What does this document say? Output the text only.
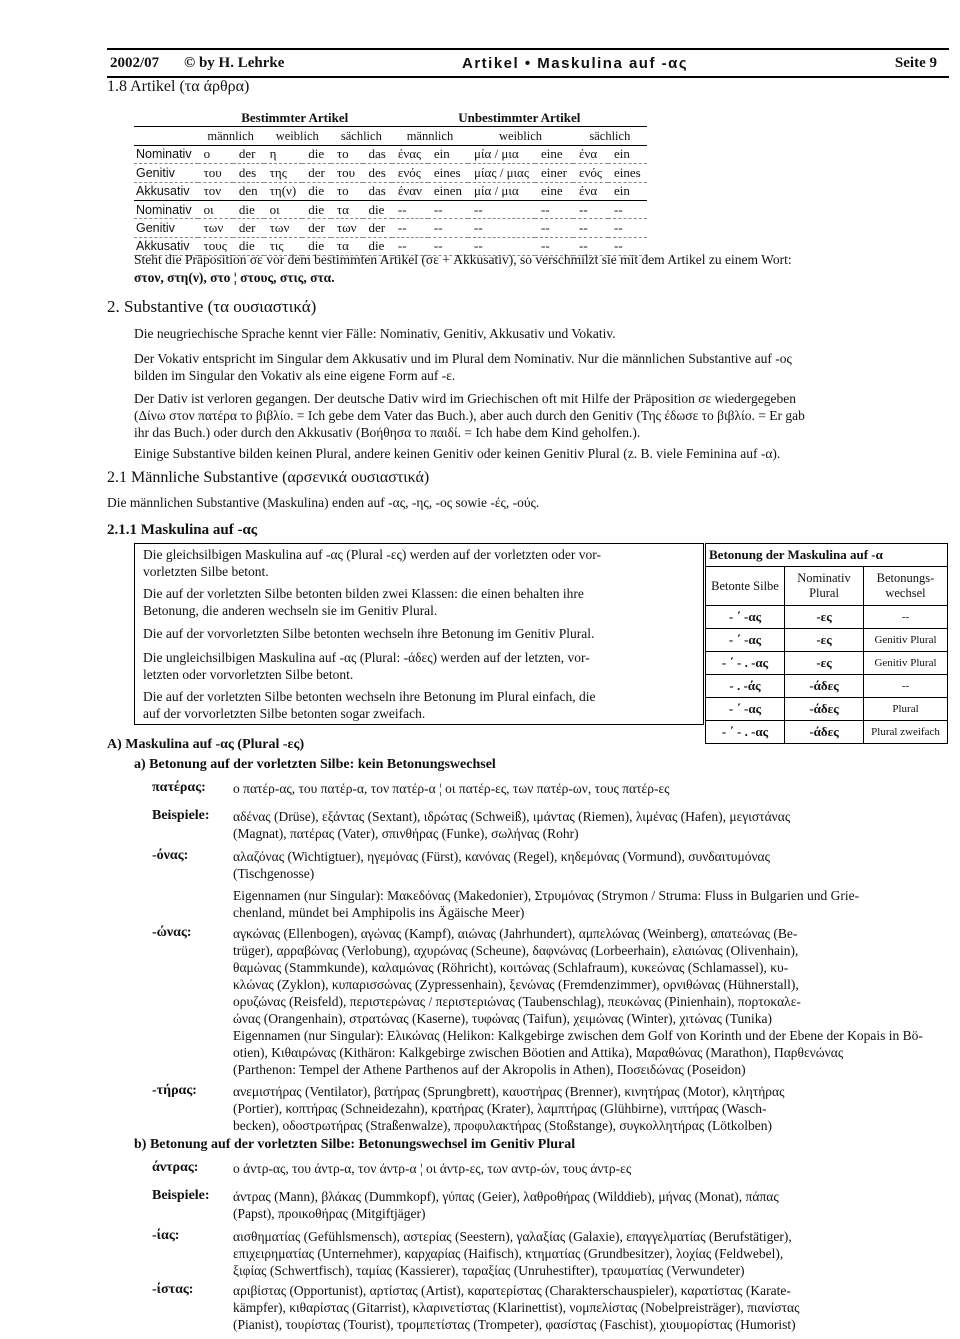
2002/07 © by H. Lehrke	Artikel • Maskulina auf -ας	Seite 9
1.8 Artikel (τα άρθρα)
	Bestimmter Artikel						Unbestimmter Artikel					
	männlich		weiblich		sächlich		männlich		weiblich		sächlich	
Nominativ	ο	der	η	die	το	das	ένας	ein	μία / μια	eine	ένα	ein
Genitiv	του	des	της	der	του	des	ενός	eines	μίας / μιας	einer	ενός	eines
Akkusativ	τον	den	τη(ν)	die	το	das	έναν	einen	μία / μια	eine	ένα	ein
Nominativ	οι	die	οι	die	τα	die	--	--	--	--	--	--
Genitiv	των	der	των	der	των	der	--	--	--	--	--	--
Akkusativ	τους	die	τις	die	τα	die	--	--	--	--	--	--
Steht die Präposition σε vor dem bestimmten Artikel (σε + Akkusativ), so verschmilzt sie mit dem Artikel zu einem Wort:
στον, στη(ν), στο ¦ στους, στις, στα.
2. Substantive (τα ουσιαστικά)
Die neugriechische Sprache kennt vier Fälle: Nominativ, Genitiv, Akkusativ und Vokativ.
Der Vokativ entspricht im Singular dem Akkusativ und im Plural dem Nominativ. Nur die männlichen Substantive auf -ος
bilden im Singular den Vokativ als eine eigene Form auf -ε.
Der Dativ ist verloren gegangen. Der deutsche Dativ wird im Griechischen oft mit Hilfe der Präposition σε wiedergegeben
(Δίνω στον πατέρα το βιβλίο. = Ich gebe dem Vater das Buch.), aber auch durch den Genitiv (Της έδωσε το βιβλίο. = Er gab
ihr das Buch.) oder durch den Akkusativ (Βοήθησα το παιδί. = Ich habe dem Kind geholfen.).
Einige Substantive bilden keinen Plural, andere keinen Genitiv oder keinen Genitiv Plural (z. B. viele Feminina auf -α).
2.1 Männliche Substantive (αρσενικά ουσιαστικά)
Die männlichen Substantive (Maskulina) enden auf -ας, -ης, -ος sowie -ές, -ούς.
2.1.1 Maskulina auf -ας
Die gleichsilbigen Maskulina auf -ας (Plural -ες) werden auf der vorletzten oder vor-
vorletzten Silbe betont.
Die auf der vorletzten Silbe betonten bilden zwei Klassen: die einen behalten ihre
Betonung, die anderen wechseln sie im Genitiv Plural.
Die auf der vorvorletzten Silbe betonten wechseln ihre Betonung im Genitiv Plural.
Die ungleichsilbigen Maskulina auf -ας (Plural: -άδες) werden auf der letzten, vor-
letzten oder vorvorletzten Silbe betont.
Die auf der vorletzten Silbe betonten wechseln ihre Betonung im Plural einfach, die
auf der vorvorletzten Silbe betonten sogar zweifach.
Betonung der Maskulina auf -α		
Betonte Silbe	Nominativ Plural	Betonungs-wechsel
- ΄ -ας	-ες	--
- ΄ -ας	-ες	Genitiv Plural
- ΄ - . -ας	-ες	Genitiv Plural
- . -άς	-άδες	--
- ΄ -ας	-άδες	Plural
- ΄ - . -ας	-άδες	Plural zweifach
A) Maskulina auf -ας (Plural -ες)
a) Betonung auf der vorletzten Silbe: kein Betonungswechsel
πατέρας: ο πατέρ-ας, του πατέρ-α, τον πατέρ-α ¦ οι πατέρ-ες, των πατέρ-ων, τους πατέρ-ες
Beispiele: αδένας (Drüse), εξάντας (Sextant), ιδρώτας (Schweiß), ιμάντας (Riemen), λιμένας (Hafen), μεγιστάνας
(Magnat), πατέρας (Vater), σπινθήρας (Funke), σωλήνας (Rohr)
-όνας:	αλαζόνας (Wichtigtuer), ηγεμόνας (Fürst), κανόνας (Regel), κηδεμόνας (Vormund), συνδαιτυμόνας
(Tischgenosse)
Eigennamen (nur Singular): Μακεδόνας (Makedonier), Στρυμόνας (Strymon / Struma: Fluss in Bulgarien und Grie-
chenland, mündet bei Amphipolis ins Ägäische Meer)
-ώνας:	αγκώνας (Ellenbogen), αγώνας (Kampf), αιώνας (Jahrhundert), αμπελώνας (Weinberg), απατεώνας (Be-
trüger), αρραβώνας (Verlobung), αχυρώνας (Scheune), δαφνώνας (Lorbeerhain), ελαιώνας (Olivenhain),
θαμώνας (Stammkunde), καλαμώνας (Röhricht), κοιτώνας (Schlafraum), κυκεώνας (Schlamassel), κυ-
κλώνας (Zyklon), κυπαρισσώνας (Zypressenhain), ξενώνας (Fremdenzimmer), ορνιθώνας (Hühnerstall),
ορυζώνας (Reisfeld), περιστερώνας / περιστεριώνας (Taubenschlag), πευκώνας (Pinienhain), πορτοκαλε-
ώνας (Orangenhain), στρατώνας (Kaserne), τυφώνας (Taifun), χειμώνας (Winter), χιτώνας (Tunika)
Eigennamen (nur Singular): Ελικώνας (Helikon: Kalkgebirge zwischen dem Golf von Korinth und der Ebene der Kopais in Bö-
otien), Κιθαιρώνας (Kithäron: Kalkgebirge zwischen Böotien and Attika), Μαραθώνας (Marathon), Παρθενώνας
(Parthenon: Tempel der Athene Parthenos auf der Akropolis in Athen), Ποσειδώνας (Poseidon)
-τήρας:	ανεμιστήρας (Ventilator), βατήρας (Sprungbrett), καυστήρας (Brenner), κινητήρας (Motor), κλητήρας
(Portier), κοπτήρας (Schneidezahn), κρατήρας (Krater), λαμπτήρας (Glühbirne), νιπτήρας (Wasch-
becken), οδοστρωτήρας (Straßenwalze), προφυλακτήρας (Stoßstange), συγκολλητήρας (Lötkolben)
b) Betonung auf der vorletzten Silbe: Betonungswechsel im Genitiv Plural
άντρας:	ο άντρ-ας, του άντρ-α, τον άντρ-α ¦ οι άντρ-ες, των αντρ-ών, τους άντρ-ες
Beispiele: άντρας (Mann), βλάκας (Dummkopf), γύπας (Geier), λαθροθήρας (Wilddieb), μήνας (Monat), πάπας
(Papst), προικοθήρας (Mitgiftjäger)
-ίας:	αισθηματίας (Gefühlsmensch), αστερίας (Seestern), γαλαξίας (Galaxie), επαγγελματίας (Berufstätiger),
επιχειρηματίας (Unternehmer), καρχαρίας (Haifisch), κτηματίας (Grundbesitzer), λοχίας (Feldwebel),
ξιφίας (Schwertfisch), ταμίας (Kassierer), ταραξίας (Unruhestifter), τραυματίας (Verwundeter)
-ίστας:	αριβίστας (Opportunist), αρτίστας (Artist), καρατερίστας (Charakterschauspieler), καρατίστας (Karate-
kämpfer), κιθαρίστας (Gitarrist), κλαρινετίστας (Klarinettist), νομπελίστας (Nobelpreisträger), πιανίστας
(Pianist), τουρίστας (Tourist), τρομπετίστας (Trompeter), φασίστας (Faschist), χιουμορίστας (Humorist)
